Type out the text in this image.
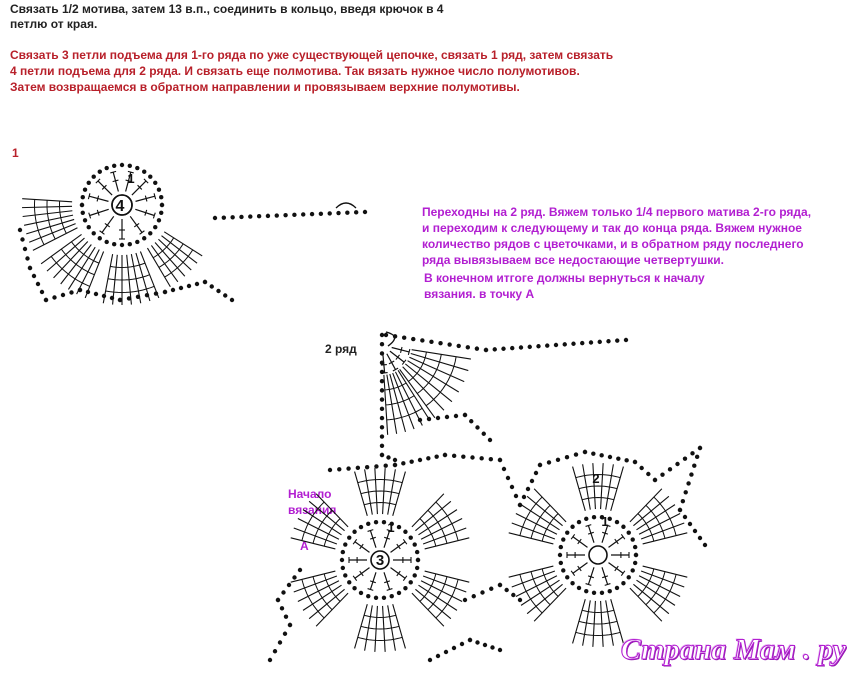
Связать 1/2 мотива, затем 13 в.п., соединить в кольцо, введя крючок в 4
петлю от края.
Связать 3 петли подъема для 1-го ряда по уже существующей цепочке, связать 1 ряд, затем связать
4 петли подъема для 2 ряда. И связать еще полмотива. Так вязать нужное число полумотивов.
Затем возвращаемся в обратном направлении и провязываем верхние полумотивы.
Переходны на 2 ряд. Вяжем только 1/4 первого матива 2-го ряда,
и переходим к следующему и так до конца ряда. Вяжем нужное
количество рядов с цветочками, и в обратном ряду последнего
ряда вывязываем все недостающие четвертушки.
В конечном итгоге должны вернуться к началу
вязания. в точку А
1
2 ряд
Начало
вязания
A
4
1
3
1
2
1
Страна Мам . ру
